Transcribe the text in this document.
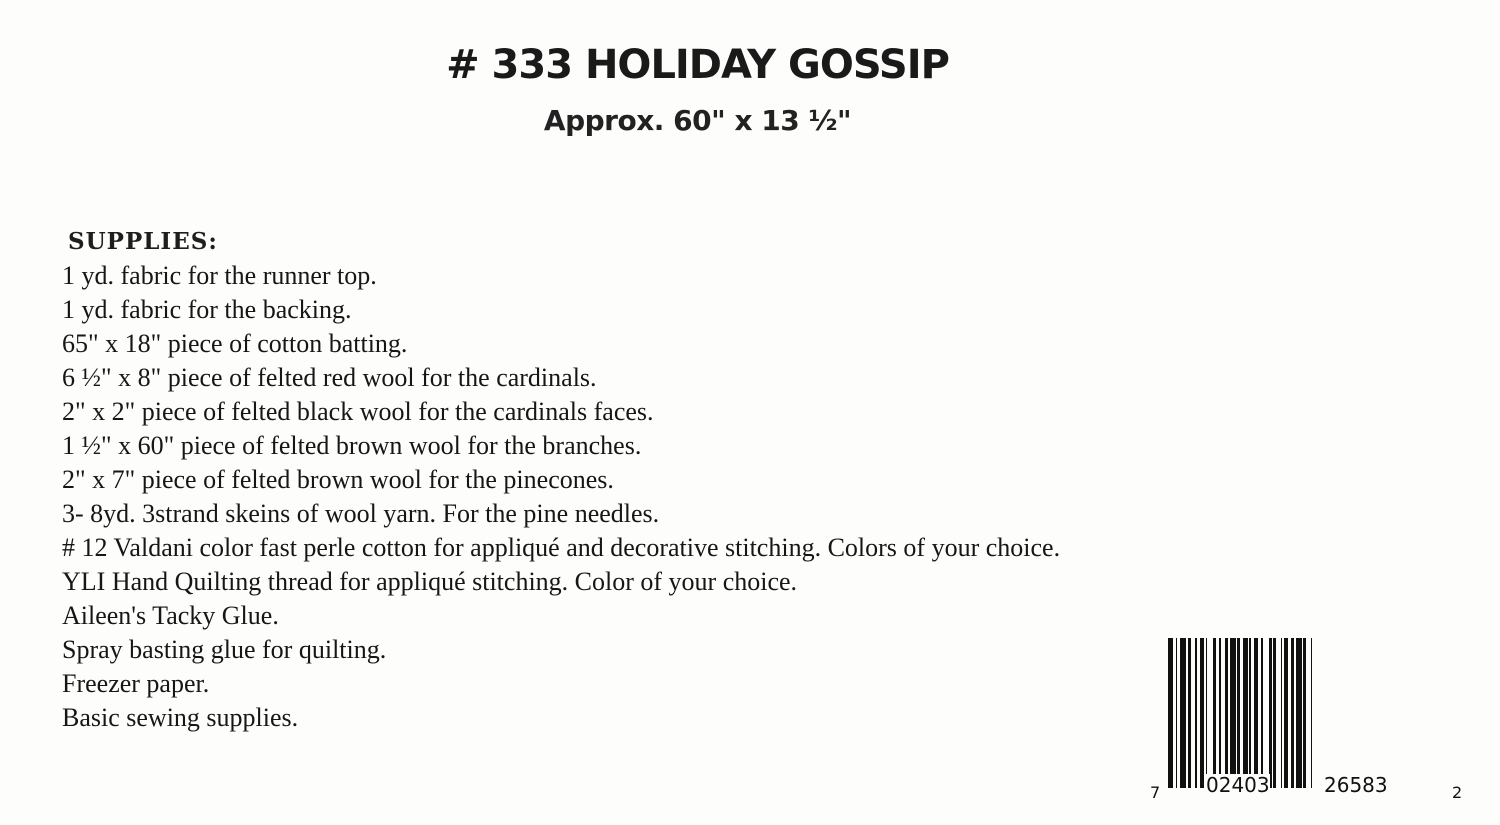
# 333 HOLIDAY GOSSIP
Approx. 60" x 13 ½"
SUPPLIES:
1 yd. fabric for the runner top.
1 yd. fabric for the backing.
65" x 18" piece of cotton batting.
6 ½" x 8" piece of felted red wool for the cardinals.
2" x 2" piece of felted black wool for the cardinals faces.
1 ½" x 60" piece of felted brown wool for the branches.
2" x 7" piece of felted brown wool for the pinecones.
3- 8yd. 3strand skeins of wool yarn. For the pine needles.
# 12 Valdani color fast perle cotton for appliqué and decorative stitching. Colors of your choice.
YLI Hand Quilting thread for appliqué stitching. Color of your choice.
Aileen's Tacky Glue.
Spray basting glue for quilting.
Freezer paper.
Basic sewing supplies.
7 02403	26583	2
